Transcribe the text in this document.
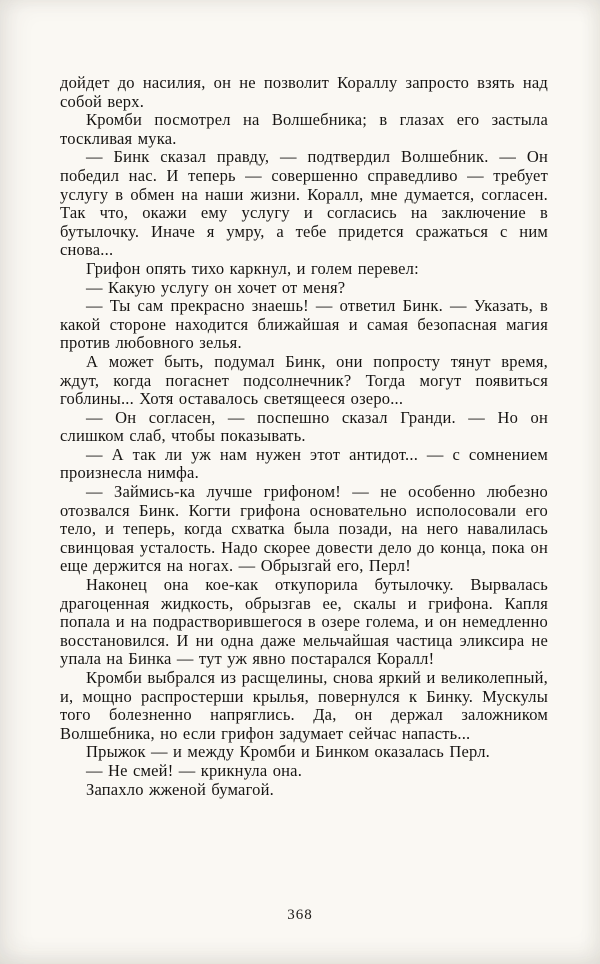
дойдет до насилия, он не позволит Кораллу запросто взять над собой верх.

Кромби посмотрел на Волшебника; в глазах его застыла тоскливая мука.

— Бинк сказал правду, — подтвердил Волшебник. — Он победил нас. И теперь — совершенно справедливо — требует услугу в обмен на наши жизни. Коралл, мне думается, согласен. Так что, окажи ему услугу и согласись на заключение в бутылочку. Иначе я умру, а тебе придется сражаться с ним снова...

Грифон опять тихо каркнул, и голем перевел:

— Какую услугу он хочет от меня?

— Ты сам прекрасно знаешь! — ответил Бинк. — Указать, в какой стороне находится ближайшая и самая безопасная магия против любовного зелья.

А может быть, подумал Бинк, они попросту тянут время, ждут, когда погаснет подсолнечник? Тогда могут появиться гоблины... Хотя оставалось светящееся озеро...

— Он согласен, — поспешно сказал Гранди. — Но он слишком слаб, чтобы показывать.

— А так ли уж нам нужен этот антидот... — с сомнением произнесла нимфа.

— Займись-ка лучше грифоном! — не особенно любезно отозвался Бинк. Когти грифона основательно исполосовали его тело, и теперь, когда схватка была позади, на него навалилась свинцовая усталость. Надо скорее довести дело до конца, пока он еще держится на ногах. — Обрызгай его, Перл!

Наконец она кое-как откупорила бутылочку. Вырвалась драгоценная жидкость, обрызгав ее, скалы и грифона. Капля попала и на подрастворившегося в озере голема, и он немедленно восстановился. И ни одна даже мельчайшая частица эликсира не упала на Бинка — тут уж явно постарался Коралл!

Кромби выбрался из расщелины, снова яркий и великолепный, и, мощно распростерши крылья, повернулся к Бинку. Мускулы того болезненно напряглись. Да, он держал заложником Волшебника, но если грифон задумает сейчас напасть...

Прыжок — и между Кромби и Бинком оказалась Перл.

— Не смей! — крикнула она.

Запахло жженой бумагой.

368
